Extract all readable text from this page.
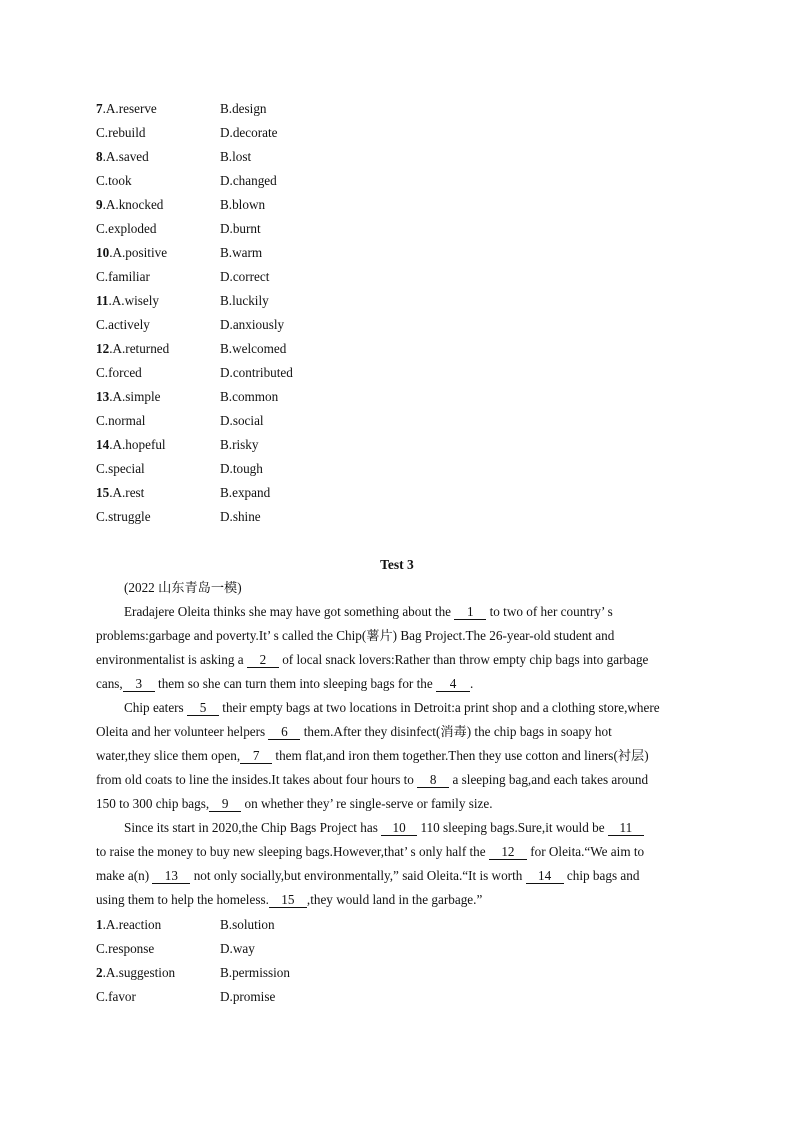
7.A.reserve	B.design
C.rebuild	D.decorate
8.A.saved	B.lost
C.took	D.changed
9.A.knocked	B.blown
C.exploded	D.burnt
10.A.positive	B.warm
C.familiar	D.correct
11.A.wisely	B.luckily
C.actively	D.anxiously
12.A.returned	B.welcomed
C.forced	D.contributed
13.A.simple	B.common
C.normal	D.social
14.A.hopeful	B.risky
C.special	D.tough
15.A.rest	B.expand
C.struggle	D.shine
Test 3
(2022 山东青岛一模)
Eradajere Oleita thinks she may have got something about the 1 to two of her country’ s
problems:garbage and poverty.It’ s called the Chip(薯片) Bag Project.The 26-year-old student and
environmentalist is asking a 2 of local snack lovers:Rather than throw empty chip bags into garbage
cans, 3 them so she can turn them into sleeping bags for the 4 .
Chip eaters 5 their empty bags at two locations in Detroit:a print shop and a clothing store,where
Oleita and her volunteer helpers 6 them.After they disinfect(消毒) the chip bags in soapy hot
water,they slice them open, 7 them flat,and iron them together.Then they use cotton and liners(衬层)
from old coats to line the insides.It takes about four hours to 8 a sleeping bag,and each takes around
150 to 300 chip bags, 9 on whether they’ re single-serve or family size.
Since its start in 2020,the Chip Bags Project has 10 110 sleeping bags.Sure,it would be 11
to raise the money to buy new sleeping bags.However,that’ s only half the 12 for Oleita.“We aim to
make a(n) 13 not only socially,but environmentally,” said Oleita.“It is worth 14 chip bags and
using them to help the homeless. 15 ,they would land in the garbage.”
1.A.reaction	B.solution
C.response	D.way
2.A.suggestion	B.permission
C.favor	D.promise
